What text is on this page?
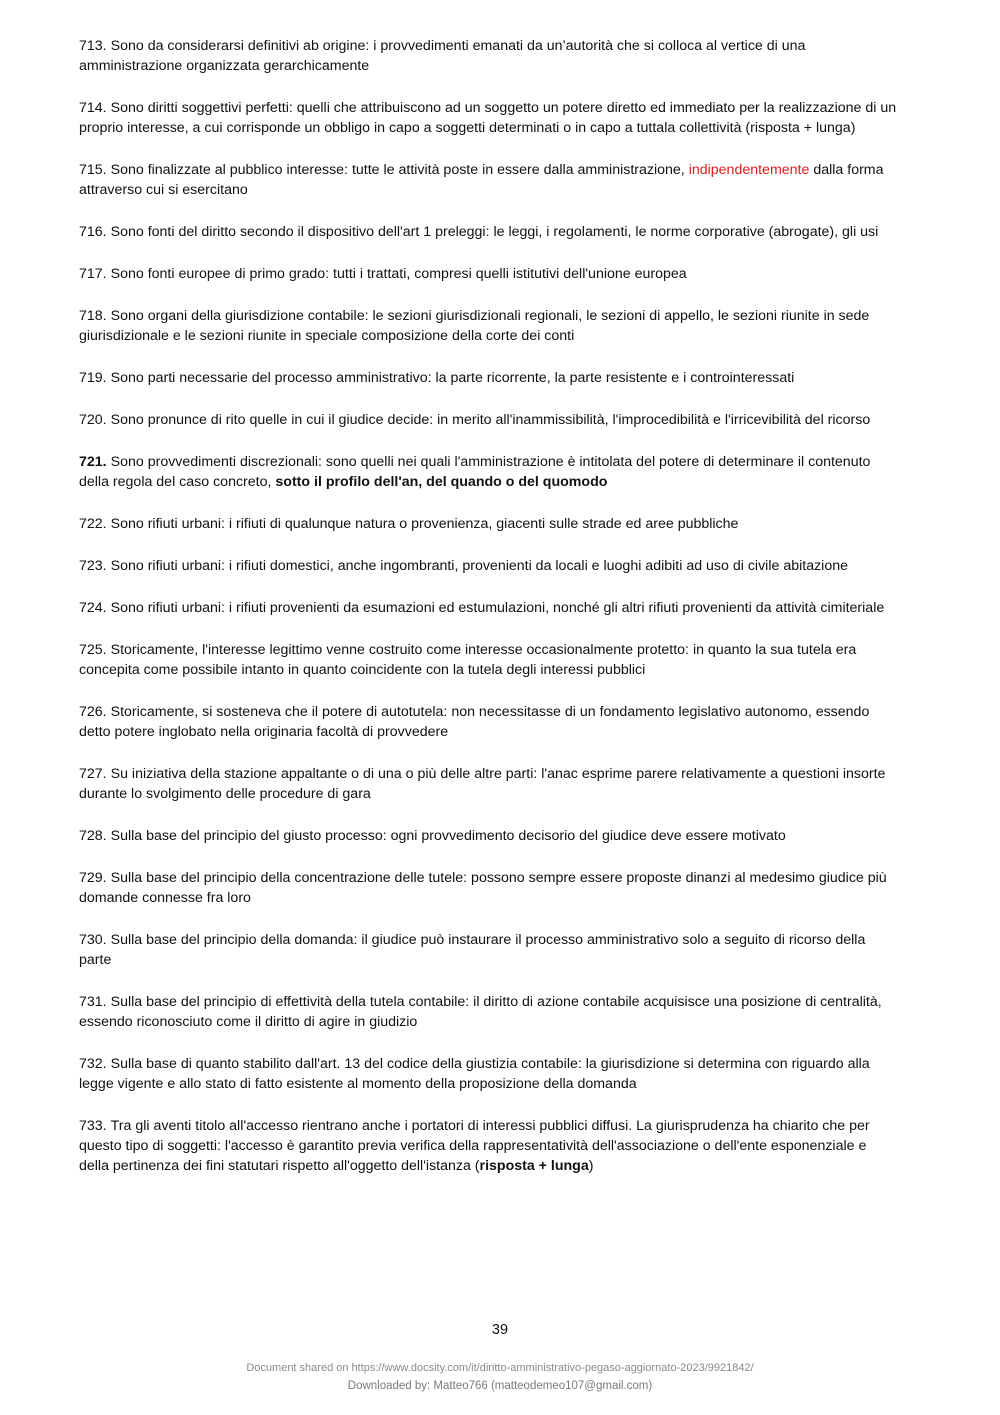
713. Sono da considerarsi definitivi ab origine: i provvedimenti emanati da un’autorità che si colloca al vertice di una amministrazione organizzata gerarchicamente

714. Sono diritti soggettivi perfetti: quelli che attribuiscono ad un soggetto un potere diretto ed immediato per la realizzazione di un proprio interesse, a cui corrisponde un obbligo in capo a soggetti determinati o in capo a tuttala collettività (risposta + lunga)

715. Sono finalizzate al pubblico interesse: tutte le attività poste in essere dalla amministrazione, indipendentemente dalla forma attraverso cui si esercitano

716. Sono fonti del diritto secondo il dispositivo dell'art 1 preleggi: le leggi, i regolamenti, le norme corporative (abrogate), gli usi

717. Sono fonti europee di primo grado: tutti i trattati, compresi quelli istitutivi dell'unione europea

718. Sono organi della giurisdizione contabile: le sezioni giurisdizionali regionali, le sezioni di appello, le sezioni riunite in sede giurisdizionale e le sezioni riunite in speciale composizione della corte dei conti

719. Sono parti necessarie del processo amministrativo: la parte ricorrente, la parte resistente e i controinteressati

720. Sono pronunce di rito quelle in cui il giudice decide: in merito all'inammissibilità, l'improcedibilità e l'irricevibilità del ricorso

721. Sono provvedimenti discrezionali: sono quelli nei quali l'amministrazione è intitolata del potere di determinare il contenuto della regola del caso concreto, sotto il profilo dell'an, del quando o del quomodo

722. Sono rifiuti urbani: i rifiuti di qualunque natura o provenienza, giacenti sulle strade ed aree pubbliche

723. Sono rifiuti urbani: i rifiuti domestici, anche ingombranti, provenienti da locali e luoghi adibiti ad uso di civile abitazione

724. Sono rifiuti urbani: i rifiuti provenienti da esumazioni ed estumulazioni, nonché gli altri rifiuti provenienti da attività cimiteriale

725. Storicamente, l'interesse legittimo venne costruito come interesse occasionalmente protetto: in quanto la sua tutela era concepita come possibile intanto in quanto coincidente con la tutela degli interessi pubblici

726. Storicamente, si sosteneva che il potere di autotutela: non necessitasse di un fondamento legislativo autonomo, essendo detto potere inglobato nella originaria facoltà di provvedere

727. Su iniziativa della stazione appaltante o di una o più delle altre parti: l'anac esprime parere relativamente a questioni insorte durante lo svolgimento delle procedure di gara

728. Sulla base del principio del giusto processo: ogni provvedimento decisorio del giudice deve essere motivato

729. Sulla base del principio della concentrazione delle tutele: possono sempre essere proposte dinanzi al medesimo giudice più domande connesse fra loro

730. Sulla base del principio della domanda: il giudice può instaurare il processo amministrativo solo a seguito di ricorso della parte

731. Sulla base del principio di effettività della tutela contabile: il diritto di azione contabile acquisisce una posizione di centralità, essendo riconosciuto come il diritto di agire in giudizio

732. Sulla base di quanto stabilito dall'art. 13 del codice della giustizia contabile: la giurisdizione si determina con riguardo alla legge vigente e allo stato di fatto esistente al momento della proposizione della domanda

733. Tra gli aventi titolo all'accesso rientrano anche i portatori di interessi pubblici diffusi. La giurisprudenza ha chiarito che per questo tipo di soggetti: l'accesso è garantito previa verifica della rappresentatività dell'associazione o dell'ente esponenziale e della pertinenza dei fini statutari rispetto all'oggetto dell'istanza (risposta + lunga)

39
Document shared on https://www.docsity.com/it/diritto-amministrativo-pegaso-aggiornato-2023/9921842/
Downloaded by: Matteo766 (matteodemeo107@gmail.com)
